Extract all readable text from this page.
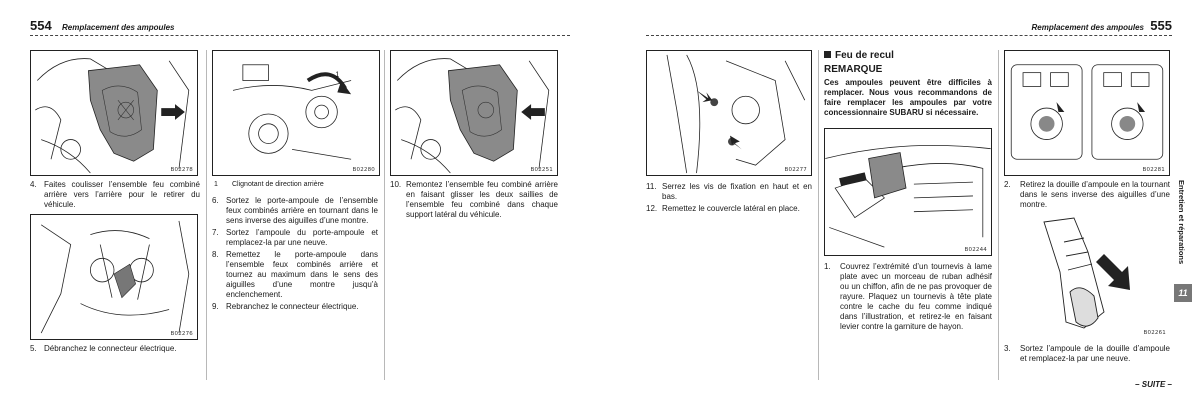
554 Remplacement des ampoules	Remplacement des ampoules 555
B02278
4. Faites coulisser l’ensemble feu combiné arrière vers l’arrière pour le retirer du véhicule.
B02276
5. Débranchez le connecteur électrique.
1
B02280
1	Clignotant de direction arrière
6. Sortez le porte-ampoule de l’ensemble feux combinés arrière en tournant dans le sens inverse des aiguilles d’une montre.
7. Sortez l’ampoule du porte-ampoule et remplacez-la par une neuve.
8. Remettez le porte-ampoule dans l’ensemble feux combinés arrière et tournez au maximum dans le sens des aiguilles d’une montre jusqu’à enclenchement.
9. Rebranchez le connecteur électrique.
B02251
10. Remontez l’ensemble feu combiné arrière en faisant glisser les deux saillies de l’ensemble feu combiné dans chaque support latéral du véhicule.
B02277
11. Serrez les vis de fixation en haut et en bas.
12. Remettez le couvercle latéral en place.
Feu de recul
REMARQUE
Ces ampoules peuvent être difficiles à remplacer. Nous vous recommandons de faire remplacer les ampoules par votre concessionnaire SUBARU si nécessaire.
B02244
1.	Couvrez l’extrémité d’un tournevis à lame plate avec un morceau de ruban adhésif ou un chiffon, afin de ne pas provoquer de rayure. Plaquez un tournevis à tête plate contre le cache du feu comme indiqué dans l’illustration, et retirez-le en faisant levier contre la garniture de hayon.
B02281
2.	Retirez la douille d’ampoule en la tournant dans le sens inverse des aiguilles d’une montre.
B02261
3.	Sortez l’ampoule de la douille d’ampoule et remplacez-la par une neuve.
Entretien et réparations
11
– SUITE –
